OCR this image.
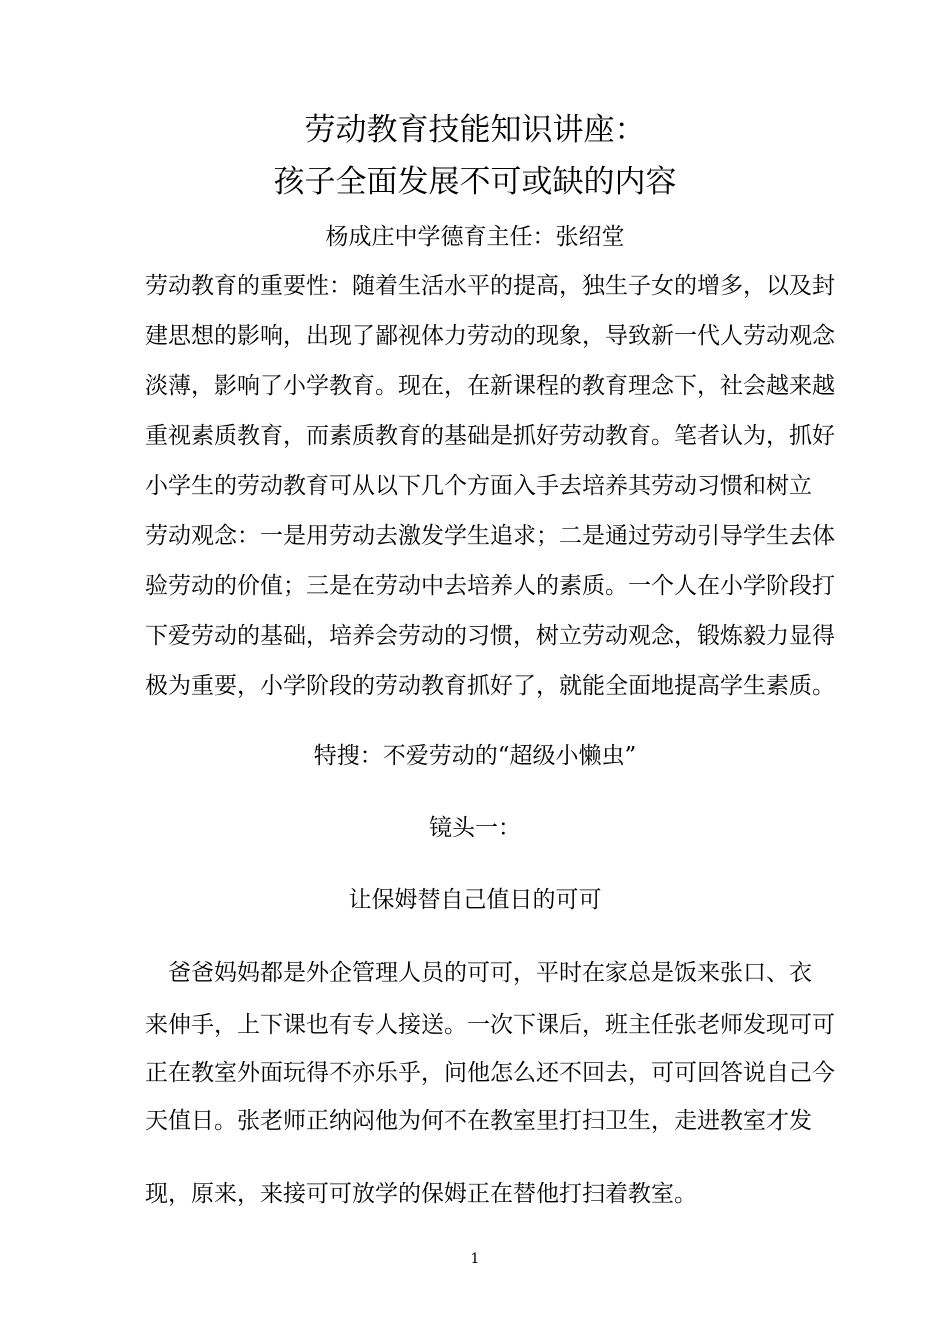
劳动教育技能知识讲座：
孩子全面发展不可或缺的内容
杨成庄中学德育主任：张绍堂
劳动教育的重要性：随着生活水平的提高，独生子女的增多，以及封
建思想的影响，出现了鄙视体力劳动的现象，导致新一代人劳动观念
淡薄，影响了小学教育。现在，在新课程的教育理念下，社会越来越
重视素质教育，而素质教育的基础是抓好劳动教育。笔者认为，抓好
小学生的劳动教育可从以下几个方面入手去培养其劳动习惯和树立
劳动观念：一是用劳动去激发学生追求；二是通过劳动引导学生去体
验劳动的价值；三是在劳动中去培养人的素质。一个人在小学阶段打
下爱劳动的基础，培养会劳动的习惯，树立劳动观念，锻炼毅力显得
极为重要，小学阶段的劳动教育抓好了，就能全面地提高学生素质。
特搜：不爱劳动的“超级小懒虫”
镜头一：
让保姆替自己值日的可可
　爸爸妈妈都是外企管理人员的可可，平时在家总是饭来张口、衣
来伸手，上下课也有专人接送。一次下课后，班主任张老师发现可可
正在教室外面玩得不亦乐乎，问他怎么还不回去，可可回答说自己今
天值日。张老师正纳闷他为何不在教室里打扫卫生，走进教室才发
现，原来，来接可可放学的保姆正在替他打扫着教室。
1
